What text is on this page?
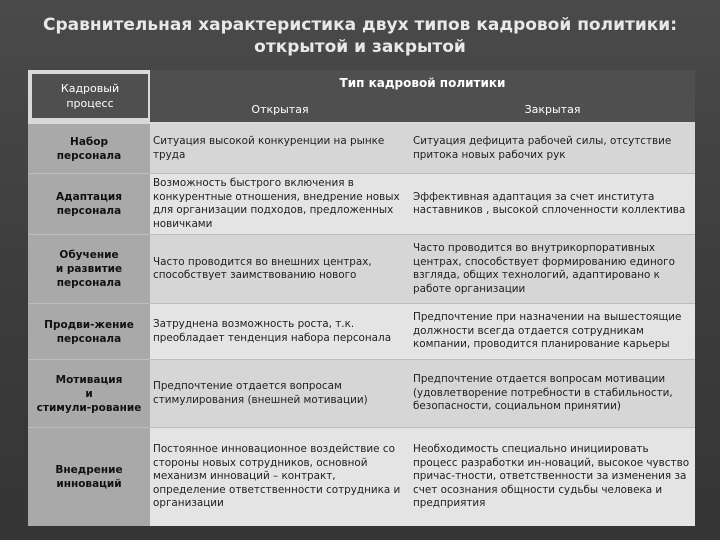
Сравнительная характеристика двух типов кадровой политики:
открытой и закрытой
Кадровый
процесс
Тип кадровой политики
Открытая	Закрытая
Набор
персонала
Ситуация высокой конкуренции на рынке труда
Ситуация дефицита рабочей силы, отсутствие притока новых рабочих рук
Адаптация
персонала
Возможность быстрого включения в конкурентные отношения, внедрение новых для организации подходов, предложенных новичками
Эффективная адаптация за счет института наставников , высокой сплоченности коллектива
Обучение
и развитие
персонала
Часто проводится во внешних центрах, способствует заимствованию нового
Часто проводится во внутрикорпоративных центрах, способствует формированию единого взгляда, общих технологий, адаптировано к работе организации
Продви-жение
персонала
Затруднена возможность роста, т.к. преобладает тенденция набора персонала
Предпочтение при назначении на вышестоящие должности всегда отдается сотрудникам компании, проводится планирование карьеры
Мотивация
и
стимули-рование
Предпочтение отдается вопросам стимулирования (внешней мотивации)
Предпочтение отдается вопросам мотивации (удовлетворение потребности в стабильности, безопасности, социальном принятии)
Внедрение
инноваций
Постоянное инновационное воздействие со стороны новых сотрудников, основной механизм инноваций – контракт, определение ответственности сотрудника и организации
Необходимость специально инициировать процесс разработки ин-новаций, высокое чувство причас-тности, ответственности за изменения за счет осознания общности судьбы человека и предприятия
